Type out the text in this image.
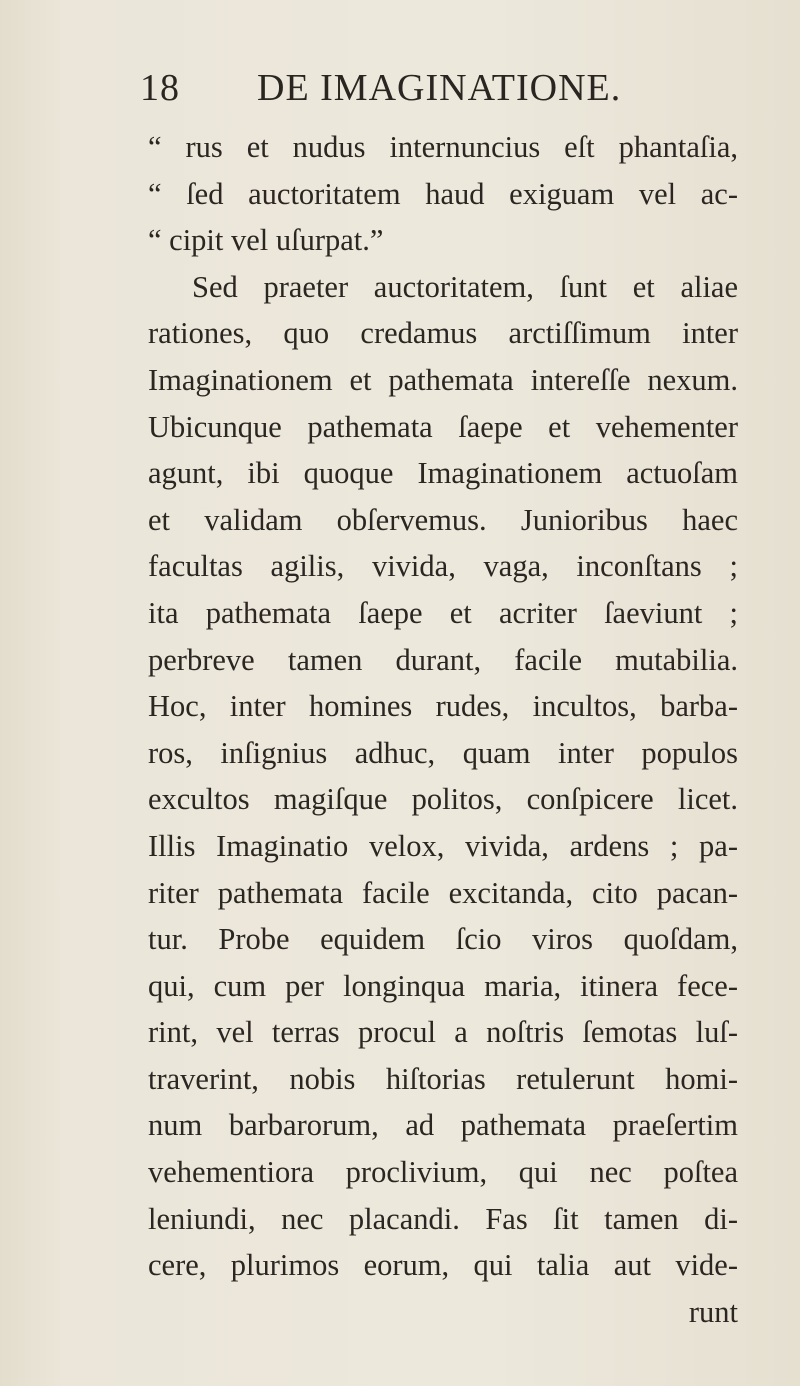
18 DE IMAGINATIONE.
“ rus et nudus internuncius eſt phantaſia,
“ ſed auctoritatem haud exiguam vel ac-
“ cipit vel uſurpat.”
Sed praeter auctoritatem, ſunt et aliae
rationes, quo credamus arctiſſimum inter
Imaginationem et pathemata intereſſe nexum.
Ubicunque pathemata ſaepe et vehementer
agunt, ibi quoque Imaginationem actuoſam
et validam obſervemus. Junioribus haec
facultas agilis, vivida, vaga, inconſtans ;
ita pathemata ſaepe et acriter ſaeviunt ;
perbreve tamen durant, facile mutabilia.
Hoc, inter homines rudes, incultos, barba-
ros, inſignius adhuc, quam inter populos
excultos magiſque politos, conſpicere licet.
Illis Imaginatio velox, vivida, ardens ; pa-
riter pathemata facile excitanda, cito pacan-
tur. Probe equidem ſcio viros quoſdam,
qui, cum per longinqua maria, itinera fece-
rint, vel terras procul a noſtris ſemotas luſ-
traverint, nobis hiſtorias retulerunt homi-
num barbarorum, ad pathemata praeſertim
vehementiora proclivium, qui nec poſtea
leniundi, nec placandi. Fas ſit tamen di-
cere, plurimos eorum, qui talia aut vide-
runt
